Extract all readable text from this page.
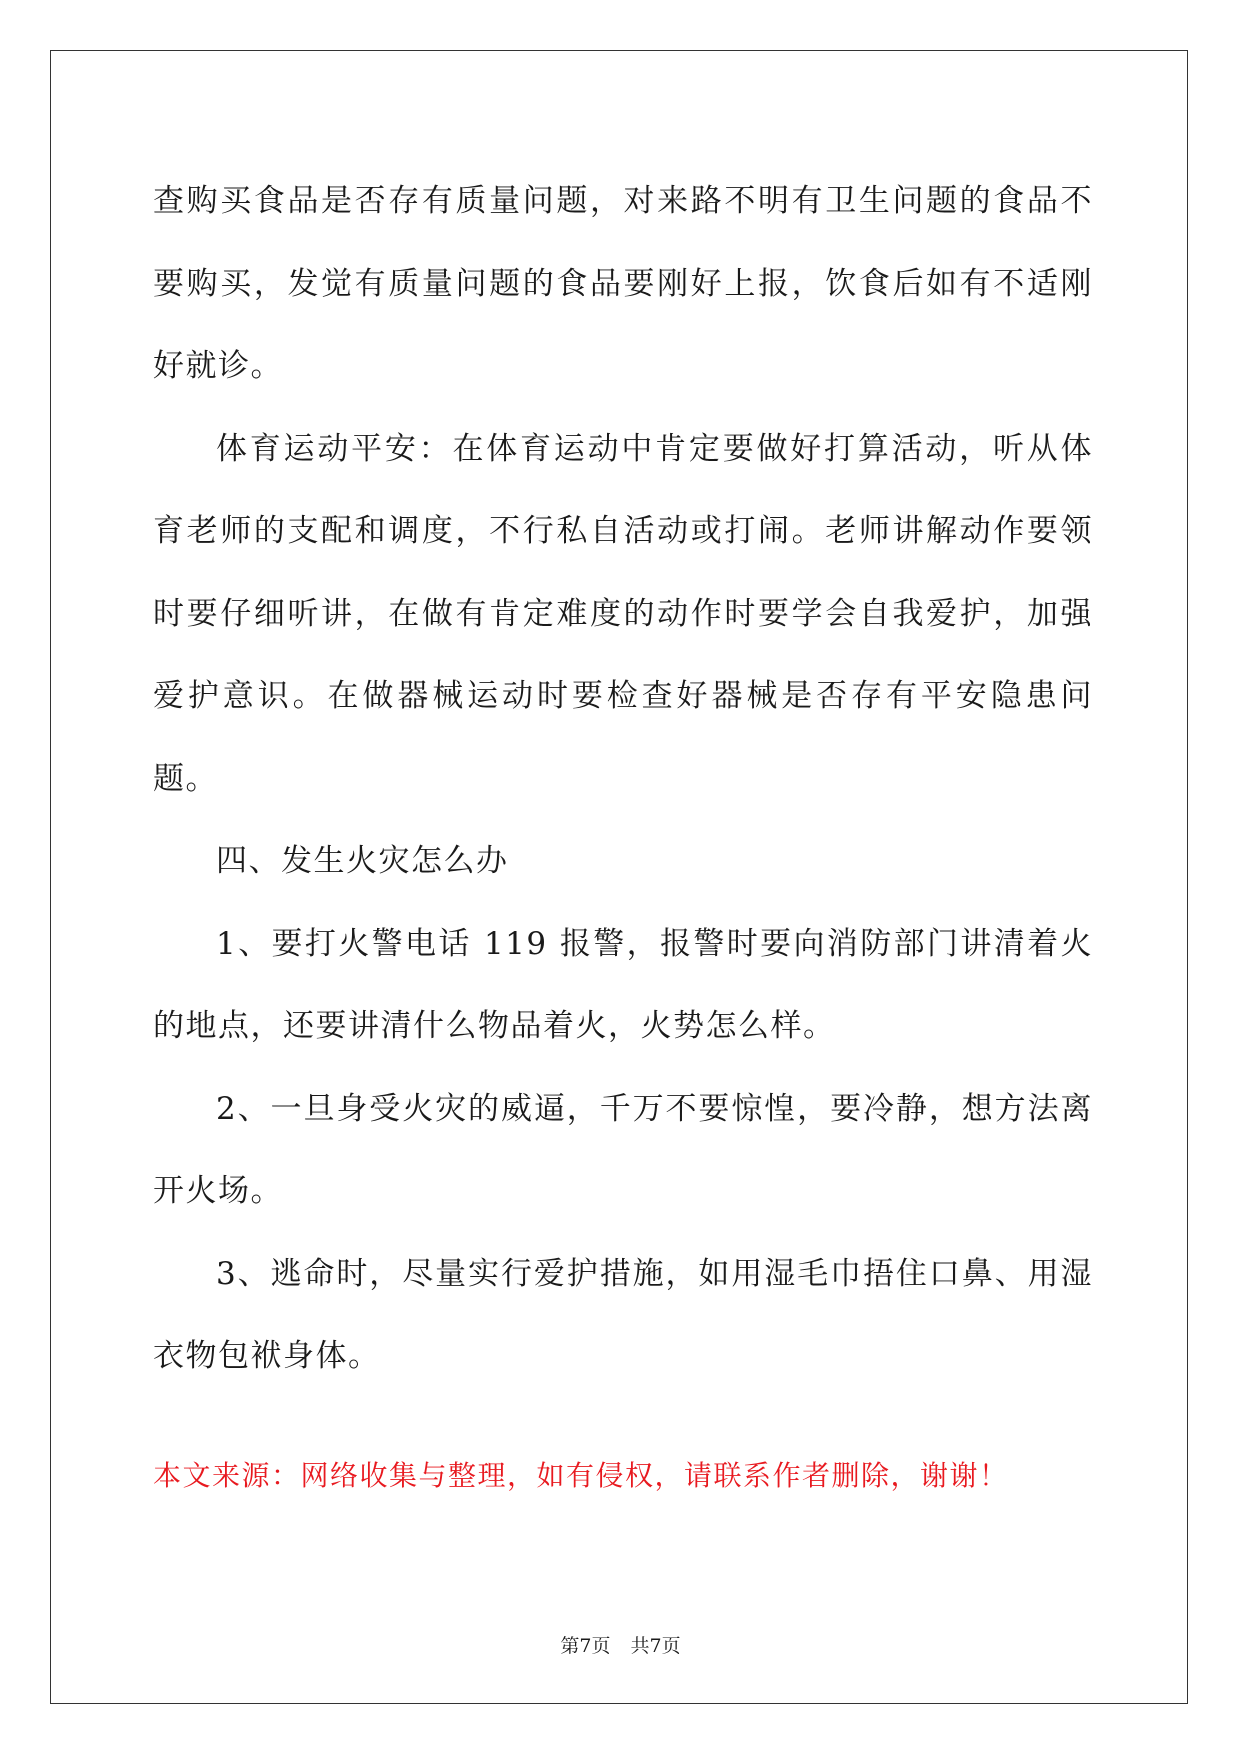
查购买食品是否存有质量问题，对来路不明有卫生问题的食品不要购买，发觉有质量问题的食品要刚好上报，饮食后如有不适刚好就诊。

体育运动平安：在体育运动中肯定要做好打算活动，听从体育老师的支配和调度，不行私自活动或打闹。老师讲解动作要领时要仔细听讲，在做有肯定难度的动作时要学会自我爱护，加强爱护意识。在做器械运动时要检查好器械是否存有平安隐患问题。

四、发生火灾怎么办

1、要打火警电话 119 报警，报警时要向消防部门讲清着火的地点，还要讲清什么物品着火，火势怎么样。

2、一旦身受火灾的威逼，千万不要惊惶，要冷静，想方法离开火场。

3、逃命时，尽量实行爱护措施，如用湿毛巾捂住口鼻、用湿衣物包袱身体。

本文来源：网络收集与整理，如有侵权，请联系作者删除，谢谢！

第7页 共7页
